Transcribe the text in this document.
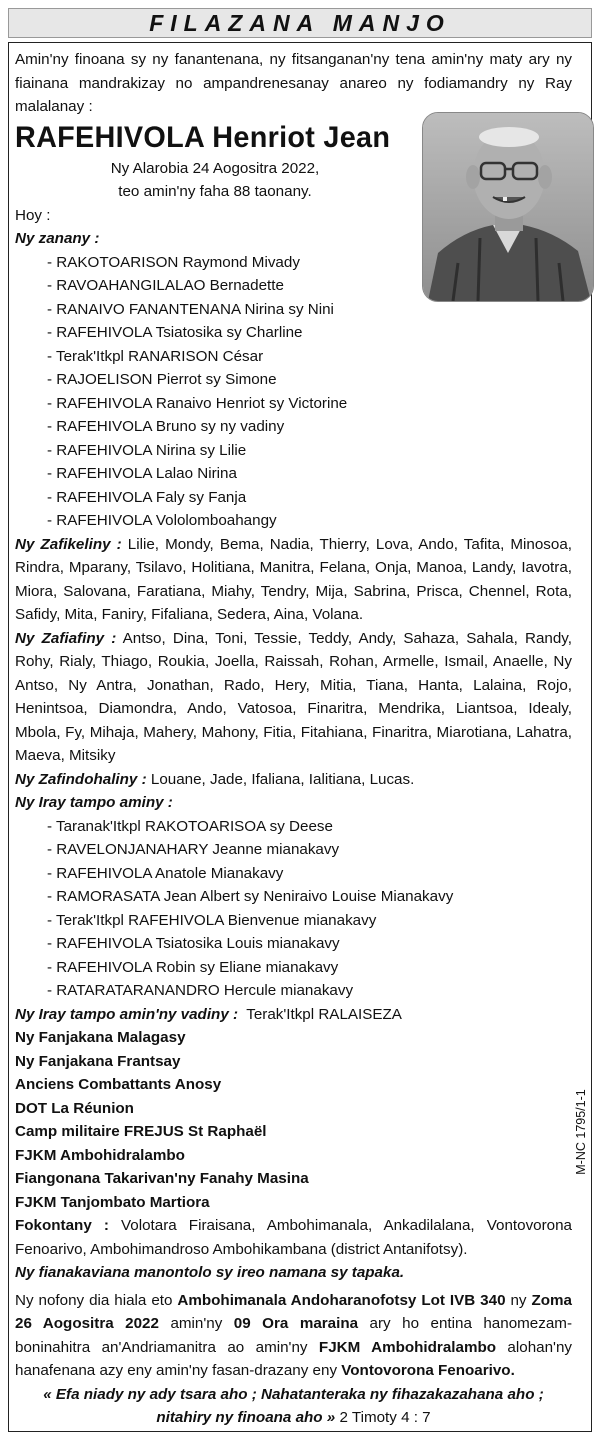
FILAZANA MANJO

Amin'ny finoana sy ny fanantenana, ny fitsanganan'ny tena amin'ny maty ary ny fiainana mandrakizay no ampandrenesanay anareo ny fodiamandry ny Ray malalanay :

RAFEHIVOLA Henriot Jean

Ny Alarobia 24 Aogositra 2022,

teo amin'ny faha 88 taonany.

Hoy :

Ny zanany :

- RAKOTOARISON Raymond Mivady
- RAVOAHANGILALAO Bernadette
- RANAIVO FANANTENANA Nirina sy Nini
- RAFEHIVOLA Tsiatosika sy Charline
- Terak'Itkpl RANARISON César
- RAJOELISON Pierrot sy Simone
- RAFEHIVOLA Ranaivo Henriot sy Victorine
- RAFEHIVOLA Bruno sy ny vadiny
- RAFEHIVOLA Nirina sy Lilie
- RAFEHIVOLA Lalao Nirina
- RAFEHIVOLA Faly sy Fanja
- RAFEHIVOLA Vololomboahangy

Ny Zafikeliny : Lilie, Mondy, Bema, Nadia, Thierry, Lova, Ando, Tafita, Minosoa, Rindra, Mparany, Tsilavo, Holitiana, Manitra, Felana, Onja, Manoa, Landy, Iavotra, Miora, Salovana, Faratiana, Miahy, Tendry, Mija, Sabrina, Prisca, Chennel, Rota, Safidy, Mita, Faniry, Fifaliana, Sedera, Aina, Volana.

Ny Zafiafiny : Antso, Dina, Toni, Tessie, Teddy, Andy, Sahaza, Sahala, Randy, Rohy, Rialy, Thiago, Roukia, Joella, Raissah, Rohan, Armelle, Ismail, Anaelle, Ny Antso, Ny Antra, Jonathan, Rado, Hery, Mitia, Tiana, Hanta, Lalaina, Rojo, Henintsoa, Diamondra, Ando, Vatosoa, Finaritra, Mendrika, Liantsoa, Idealy, Mbola, Fy, Mihaja, Mahery, Mahony, Fitia, Fitahiana, Finaritra, Miarotiana, Lahatra, Maeva, Mitsiky

Ny Zafindohaliny : Louane, Jade, Ifaliana, Ialitiana, Lucas.

Ny Iray tampo aminy :

- Taranak'Itkpl RAKOTOARISOA sy Deese
- RAVELONJANAHARY Jeanne mianakavy
- RAFEHIVOLA Anatole Mianakavy
- RAMORASATA Jean Albert sy Neniraivo Louise Mianakavy
- Terak'Itkpl RAFEHIVOLA Bienvenue mianakavy
- RAFEHIVOLA Tsiatosika Louis mianakavy
- RAFEHIVOLA Robin sy Eliane mianakavy
- RATARATARANANDRO Hercule mianakavy

Ny Iray tampo amin'ny vadiny : Terak'Itkpl RALAISEZA

Ny Fanjakana Malagasy

Ny Fanjakana Frantsay

Anciens Combattants Anosy

DOT La Réunion

Camp militaire FREJUS St Raphaël

FJKM Ambohidralambo

Fiangonana Takarivan'ny Fanahy Masina

FJKM Tanjombato Martiora

Fokontany : Volotara Firaisana, Ambohimanala, Ankadilalana, Vontovorona Fenoarivo, Ambohimandroso Ambohikambana (district Antanifotsy).

Ny fianakaviana manontolo sy ireo namana sy tapaka.

Ny nofony dia hiala eto Ambohimanala Andoharanofotsy Lot IVB 340 ny Zoma 26 Aogositra 2022 amin'ny 09 Ora maraina ary ho entina hanomezam-boninahitra an'Andriamanitra ao amin'ny FJKM Ambohidralambo alohan'ny hanafenana azy eny amin'ny fasan-drazany eny Vontovorona Fenoarivo.

« Efa niady ny ady tsara aho ; Nahatanteraka ny fihazakazahana aho ; nitahiry ny finoana aho » 2 Timoty 4 : 7

M-NC 1795/1-1
